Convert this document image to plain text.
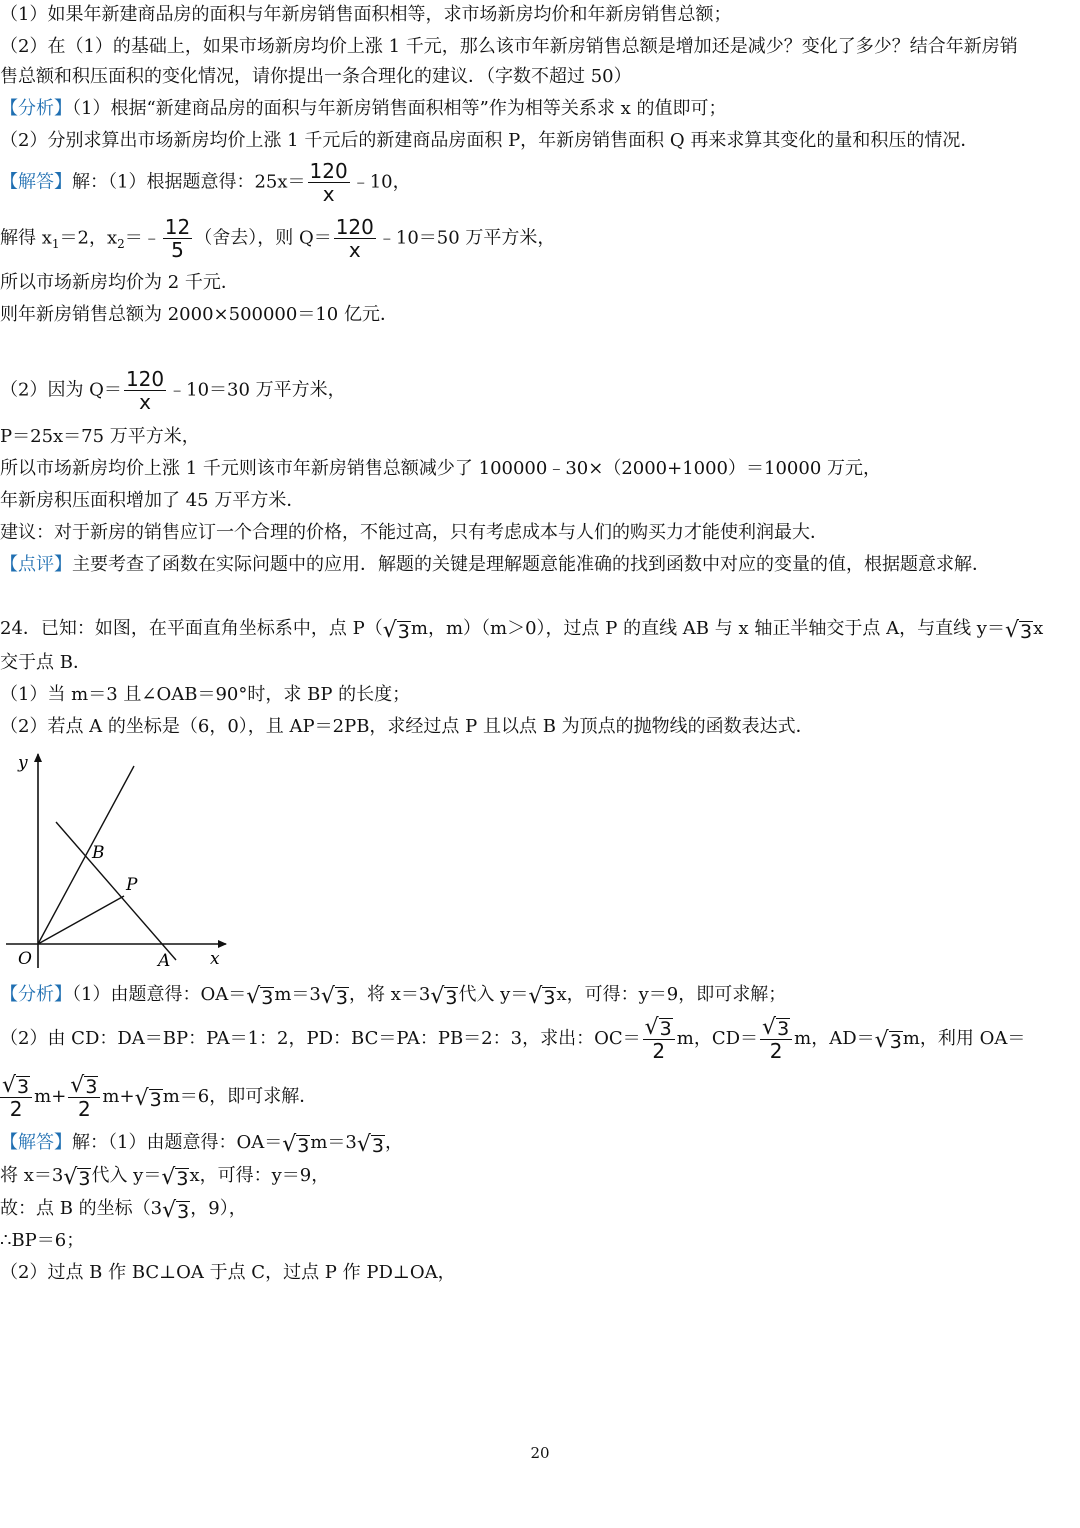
（1）如果年新建商品房的面积与年新房销售面积相等，求市场新房均价和年新房销售总额；
（2）在（1）的基础上，如果市场新房均价上涨 1 千元，那么该市年新房销售总额是增加还是减少？变化了多少？结合年新房销
售总额和积压面积的变化情况，请你提出一条合理化的建议．（字数不超过 50）
【分析】（1）根据“新建商品房的面积与年新房销售面积相等”作为相等关系求 x 的值即可；
（2）分别求算出市场新房均价上涨 1 千元后的新建商品房面积 P，年新房销售面积 Q 再来求算其变化的量和积压的情况．
【解答】解：（1）根据题意得：$25x= \frac{120}{x}$ ﹣10，
解得 $x_1=2$，$x_2=﹣ \frac{12}{5}$ （舍去），则 $Q= \frac{120}{x}$ ﹣10＝50 万平方米，
所以市场新房均价为 2 千元．
则年新房销售总额为 2000×500000＝10 亿元．
（2）因为 $Q= \frac{120}{x}$ ﹣10＝30 万平方米，
P＝25x＝75 万平方米，
所以市场新房均价上涨 1 千元则该市年新房销售总额减少了 100000﹣30×（2000+1000）＝10000 万元，
年新房积压面积增加了 45 万平方米．
建议：对于新房的销售应订一个合理的价格，不能过高，只有考虑成本与人们的购买力才能使利润最大．
【点评】主要考查了函数在实际问题中的应用．解题的关键是理解题意能准确的找到函数中对应的变量的值，根据题意求解．
24．已知：如图，在平面直角坐标系中，点 P（ √ 3 m，m）（m＞0），过点 P 的直线 AB 与 x 轴正半轴交于点 A，与直线 y＝ √ 3 x
交于点 B．
（1）当 m＝3 且∠OAB＝90°时，求 BP 的长度；
（2）若点 A 的坐标是（6，0），且 AP＝2PB，求经过点 P 且以点 B 为顶点的抛物线的函数表达式．
y
x
O	A
B
P
【分析】（1）由题意得：OA＝ √ 3 m＝3 √ 3 ，将 x＝3 √ 3 代入 y＝ √ 3 x，可得：y＝9，即可求解；
（2）由 CD：DA＝BP：PA＝1：2，PD：BC＝PA：PB＝2：3，求出：$OC= \frac{√ 3}{2}$ m，$CD= \frac{√ 3}{2}$ m，AD＝ √ 3 m，利用 OA＝
$\frac{√ 3}{2} m+ \frac{√ 3}{2} m+$ √ 3 m＝6，即可求解．
【解答】解：（1）由题意得：OA＝ √ 3 m＝3 √ 3 ，
将 x＝3 √ 3 代入 y＝ √ 3 x，可得：y＝9，
故：点 B 的坐标（3 √ 3 ，9），
∴BP＝6；
（2）过点 B 作 BC⊥OA 于点 C，过点 P 作 PD⊥OA，
20
